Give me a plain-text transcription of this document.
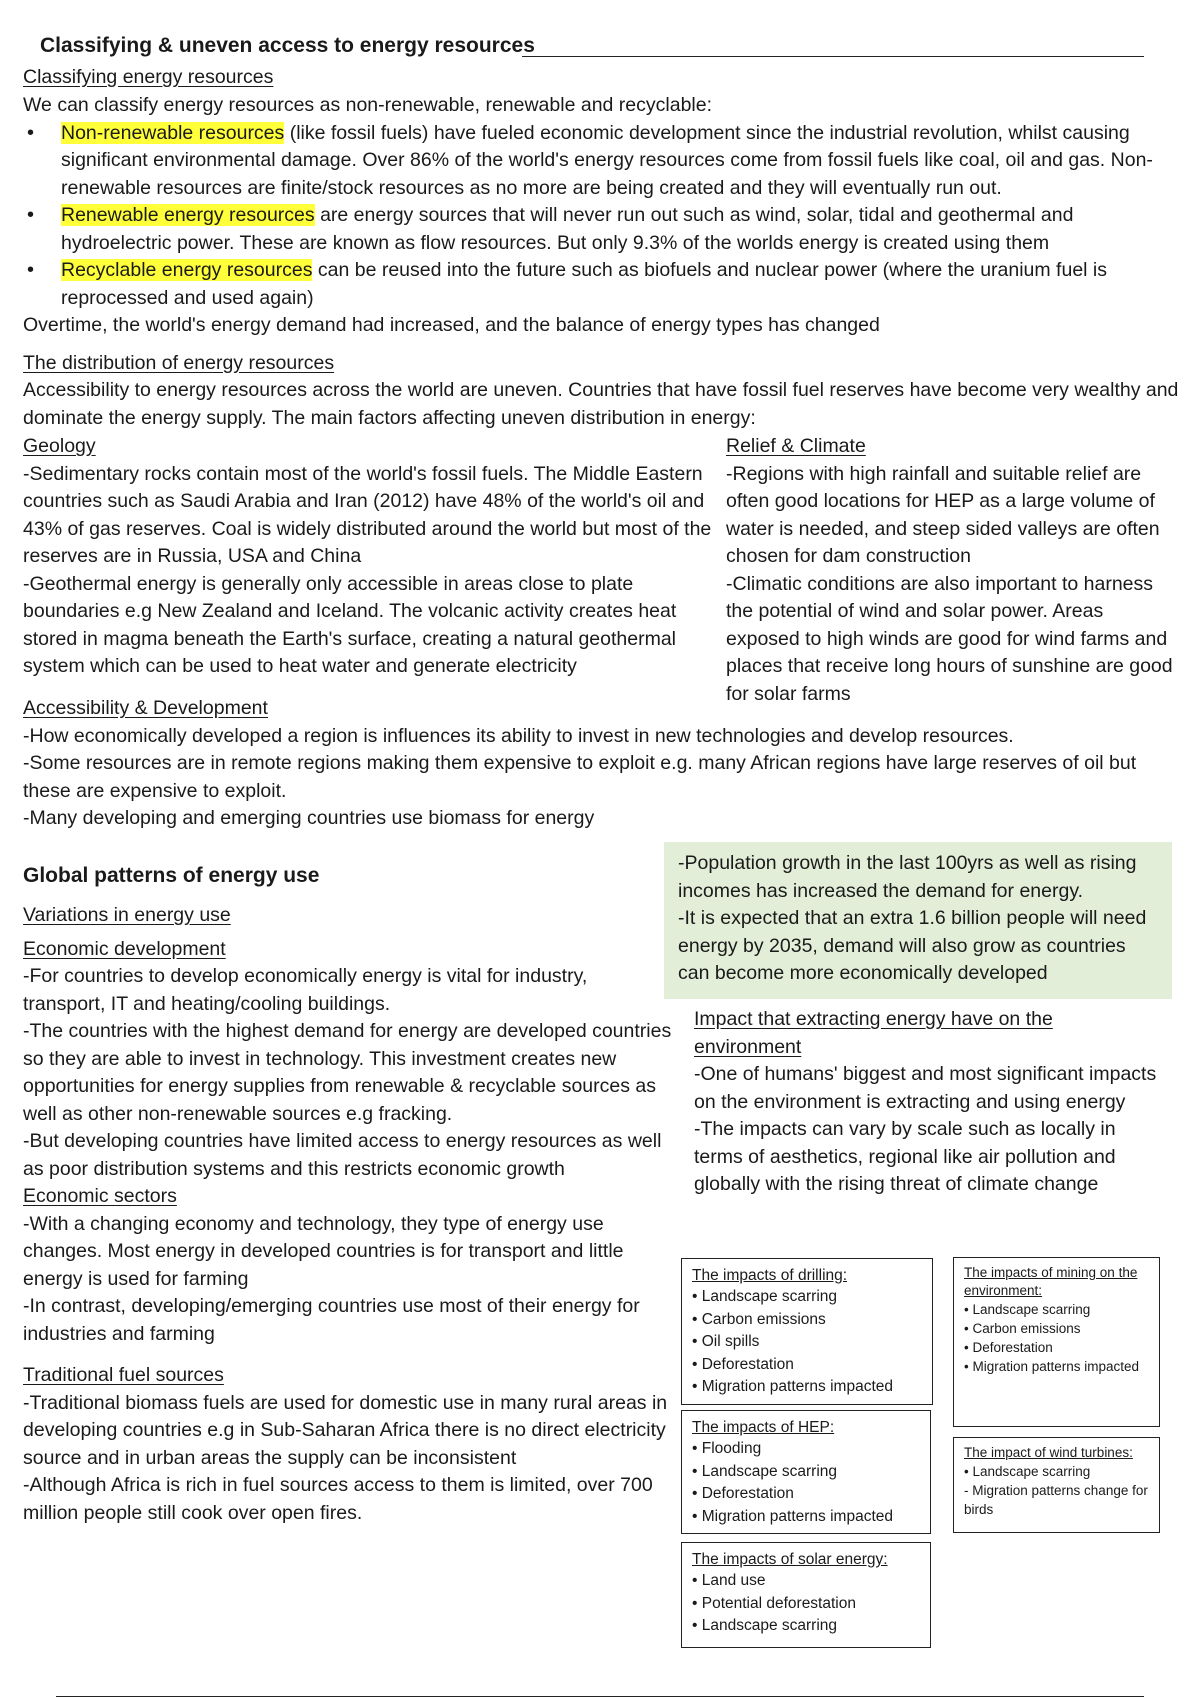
Classifying & uneven access to energy resources
Classifying energy resources

We can classify energy resources as non-renewable, renewable and recyclable:

• Non-renewable resources (like fossil fuels) have fueled economic development since the industrial revolution, whilst causing significant environmental damage. Over 86% of the world's energy resources come from fossil fuels like coal, oil and gas. Non-renewable resources are finite/stock resources as no more are being created and they will eventually run out.
• Renewable energy resources are energy sources that will never run out such as wind, solar, tidal and geothermal and hydroelectric power. These are known as flow resources. But only 9.3% of the worlds energy is created using them
• Recyclable energy resources can be reused into the future such as biofuels and nuclear power (where the uranium fuel is reprocessed and used again)

Overtime, the world's energy demand had increased, and the balance of energy types has changed

The distribution of energy resources
Accessibility to energy resources across the world are uneven. Countries that have fossil fuel reserves have become very wealthy and dominate the energy supply. The main factors affecting uneven distribution in energy:
Geology

-Sedimentary rocks contain most of the world's fossil fuels. The Middle Eastern countries such as Saudi Arabia and Iran (2012) have 48% of the world's oil and 43% of gas reserves. Coal is widely distributed around the world but most of the reserves are in Russia, USA and China

-Geothermal energy is generally only accessible in areas close to plate boundaries e.g New Zealand and Iceland. The volcanic activity creates heat stored in magma beneath the Earth's surface, creating a natural geothermal system which can be used to heat water and generate electricity

Relief & Climate

-Regions with high rainfall and suitable relief are often good locations for HEP as a large volume of water is needed, and steep sided valleys are often chosen for dam construction

-Climatic conditions are also important to harness the potential of wind and solar power. Areas exposed to high winds are good for wind farms and places that receive long hours of sunshine are good for solar farms

Accessibility & Development

-How economically developed a region is influences its ability to invest in new technologies and develop resources.

-Some resources are in remote regions making them expensive to exploit e.g. many African regions have large reserves of oil but these are expensive to exploit.

-Many developing and emerging countries use biomass for energy

Global patterns of energy use
Variations in energy use
Economic development

-For countries to develop economically energy is vital for industry, transport, IT and heating/cooling buildings.

-The countries with the highest demand for energy are developed countries so they are able to invest in technology. This investment creates new opportunities for energy supplies from renewable & recyclable sources as well as other non-renewable sources e.g fracking.

-But developing countries have limited access to energy resources as well as poor distribution systems and this restricts economic growth

Economic sectors

-With a changing economy and technology, they type of energy use changes. Most energy in developed countries is for transport and little energy is used for farming

-In contrast, developing/emerging countries use most of their energy for industries and farming

Traditional fuel sources

-Traditional biomass fuels are used for domestic use in many rural areas in developing countries e.g in Sub-Saharan Africa there is no direct electricity source and in urban areas the supply can be inconsistent

-Although Africa is rich in fuel sources access to them is limited, over 700 million people still cook over open fires.

-Population growth in the last 100yrs as well as rising incomes has increased the demand for energy.

-It is expected that an extra 1.6 billion people will need energy by 2035, demand will also grow as countries can become more economically developed

Impact that extracting energy have on the environment

-One of humans' biggest and most significant impacts on the environment is extracting and using energy

-The impacts can vary by scale such as locally in terms of aesthetics, regional like air pollution and globally with the rising threat of climate change

The impacts of drilling:
• Landscape scarring
• Carbon emissions
• Oil spills
• Deforestation
• Migration patterns impacted
The impacts of HEP:
• Flooding
• Landscape scarring
• Deforestation
• Migration patterns impacted
The impacts of solar energy:
• Land use
• Potential deforestation
• Landscape scarring
The impacts of mining on the environment:
• Landscape scarring
• Carbon emissions
• Deforestation
• Migration patterns impacted
The impact of wind turbines:
• Landscape scarring
- Migration patterns change for birds
